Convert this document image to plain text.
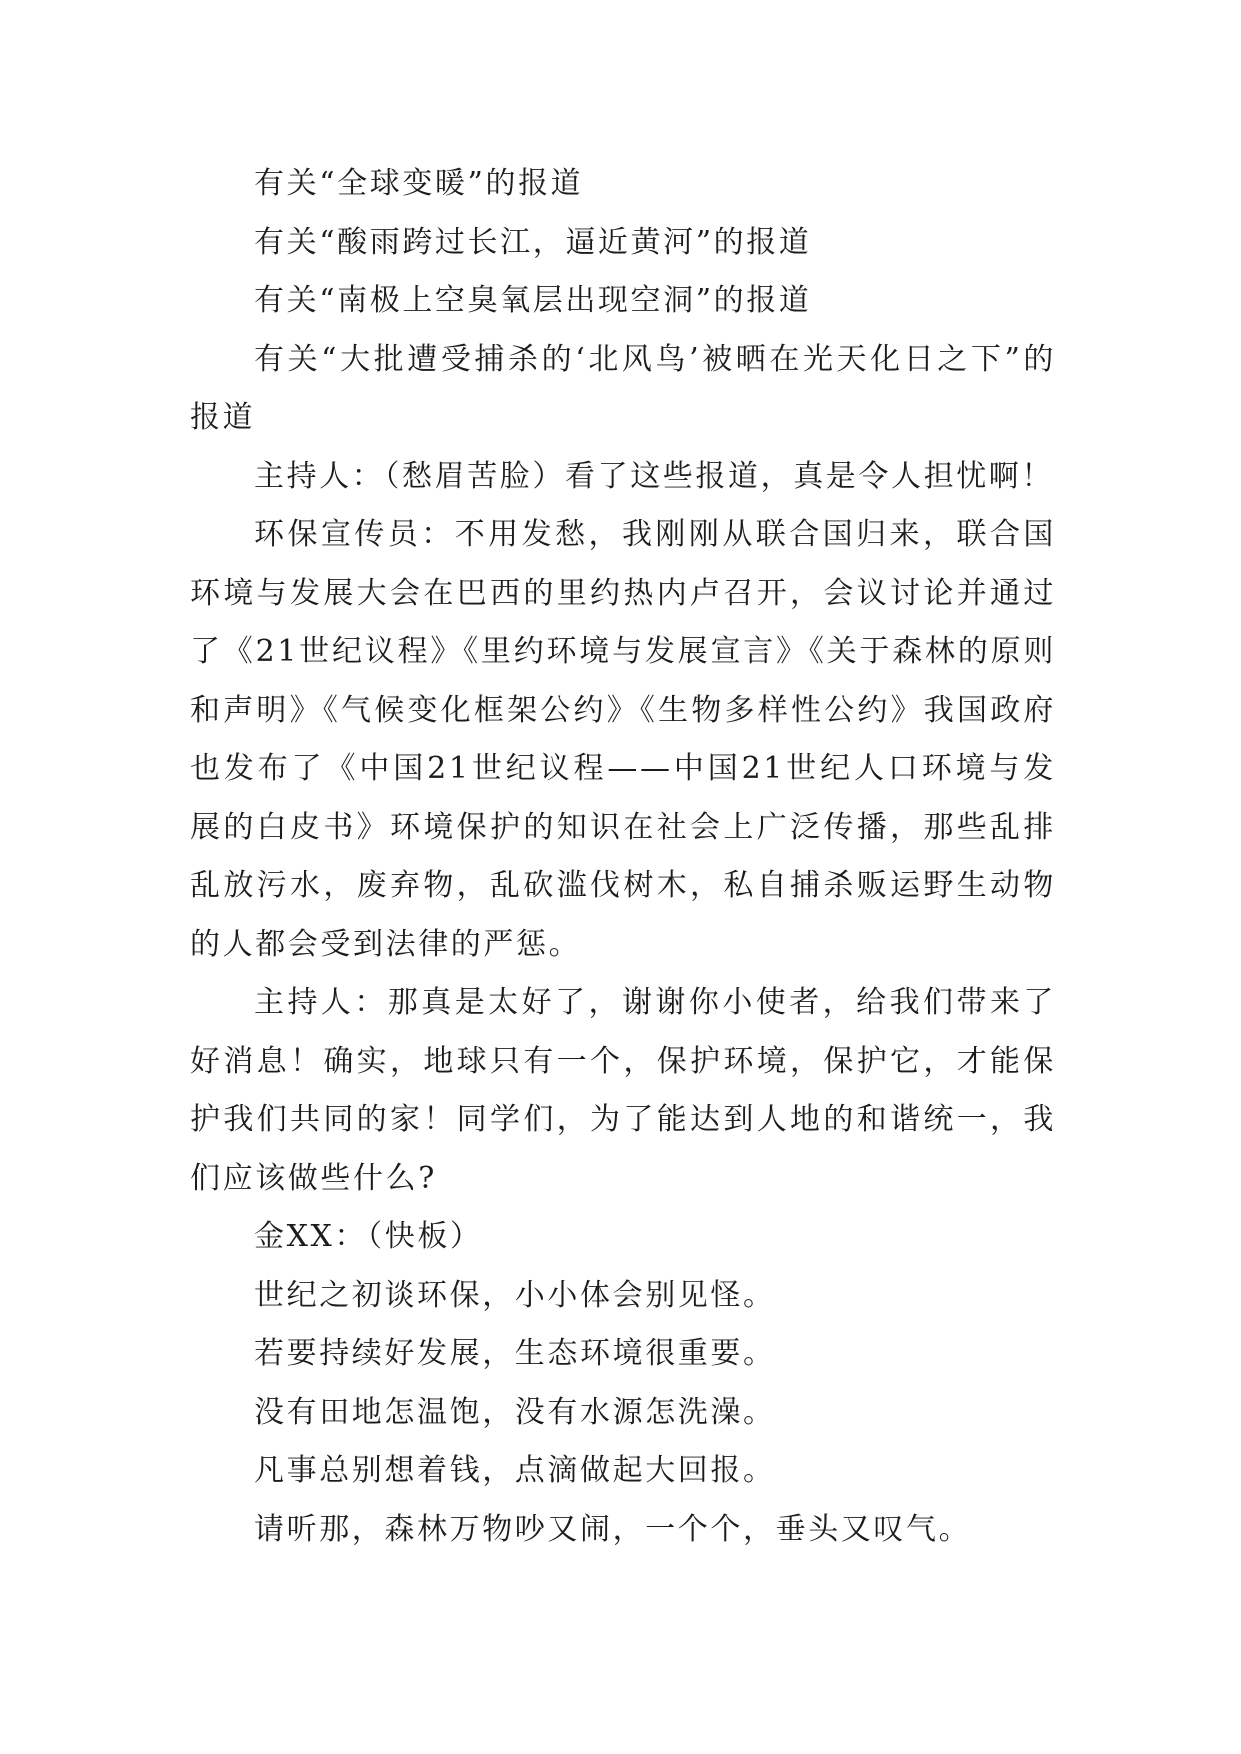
有关“全球变暖”的报道

有关“酸雨跨过长江，逼近黄河”的报道

有关“南极上空臭氧层出现空洞”的报道

有关“大批遭受捕杀的‘北风鸟’被晒在光天化日之下”的报道

主持人：（愁眉苦脸）看了这些报道，真是令人担忧啊！

环保宣传员：不用发愁，我刚刚从联合国归来，联合国环境与发展大会在巴西的里约热内卢召开，会议讨论并通过了《21世纪议程》《里约环境与发展宣言》《关于森林的原则和声明》《气候变化框架公约》《生物多样性公约》我国政府也发布了《中国21世纪议程——中国21世纪人口环境与发展的白皮书》环境保护的知识在社会上广泛传播，那些乱排乱放污水，废弃物，乱砍滥伐树木，私自捕杀贩运野生动物的人都会受到法律的严惩。

主持人：那真是太好了，谢谢你小使者，给我们带来了好消息！确实，地球只有一个，保护环境，保护它，才能保护我们共同的家！同学们，为了能达到人地的和谐统一，我们应该做些什么?

金XX：（快板）

世纪之初谈环保，小小体会别见怪。

若要持续好发展，生态环境很重要。

没有田地怎温饱，没有水源怎洗澡。

凡事总别想着钱，点滴做起大回报。

请听那，森林万物吵又闹，一个个，垂头又叹气。
